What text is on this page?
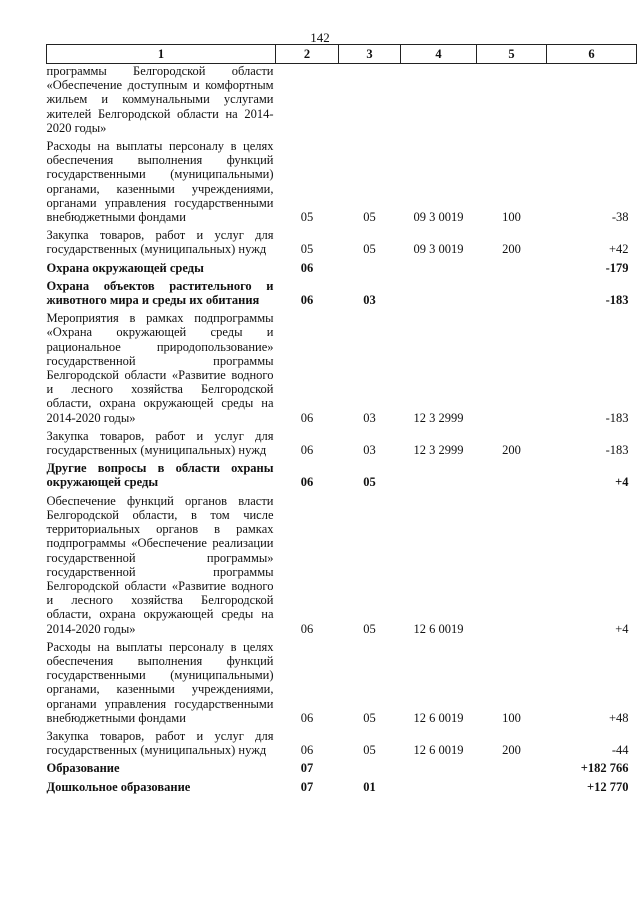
142
1	2	3	4	5	6
программы Белгородской области «Обеспечение доступным и комфортным жильем и коммунальными услугами жителей Белгородской области на 2014-2020 годы»					
Расходы на выплаты персоналу в целях обеспечения выполнения функций государственными (муниципальными) органами, казенными учреждениями, органами управления государственными внебюджетными фондами	05	05	09 3 0019	100	-38
Закупка товаров, работ и услуг для государственных (муниципальных) нужд	05	05	09 3 0019	200	+42
Охрана окружающей среды	06				-179
Охрана объектов растительного и животного мира и среды их обитания	06	03			-183
Мероприятия в рамках подпрограммы «Охрана окружающей среды и рациональное природопользование» государственной программы Белгородской области «Развитие водного и лесного хозяйства Белгородской области, охрана окружающей среды на 2014-2020 годы»	06	03	12 3 2999		-183
Закупка товаров, работ и услуг для государственных (муниципальных) нужд	06	03	12 3 2999	200	-183
Другие вопросы в области охраны окружающей среды	06	05			+4
Обеспечение функций органов власти Белгородской области, в том числе территориальных органов в рамках подпрограммы «Обеспечение реализации государственной программы» государственной программы Белгородской области «Развитие водного и лесного хозяйства Белгородской области, охрана окружающей среды на 2014-2020 годы»	06	05	12 6 0019		+4
Расходы на выплаты персоналу в целях обеспечения выполнения функций государственными (муниципальными) органами, казенными учреждениями, органами управления государственными внебюджетными фондами	06	05	12 6 0019	100	+48
Закупка товаров, работ и услуг для государственных (муниципальных) нужд	06	05	12 6 0019	200	-44
Образование	07				+182 766
Дошкольное образование	07	01			+12 770
